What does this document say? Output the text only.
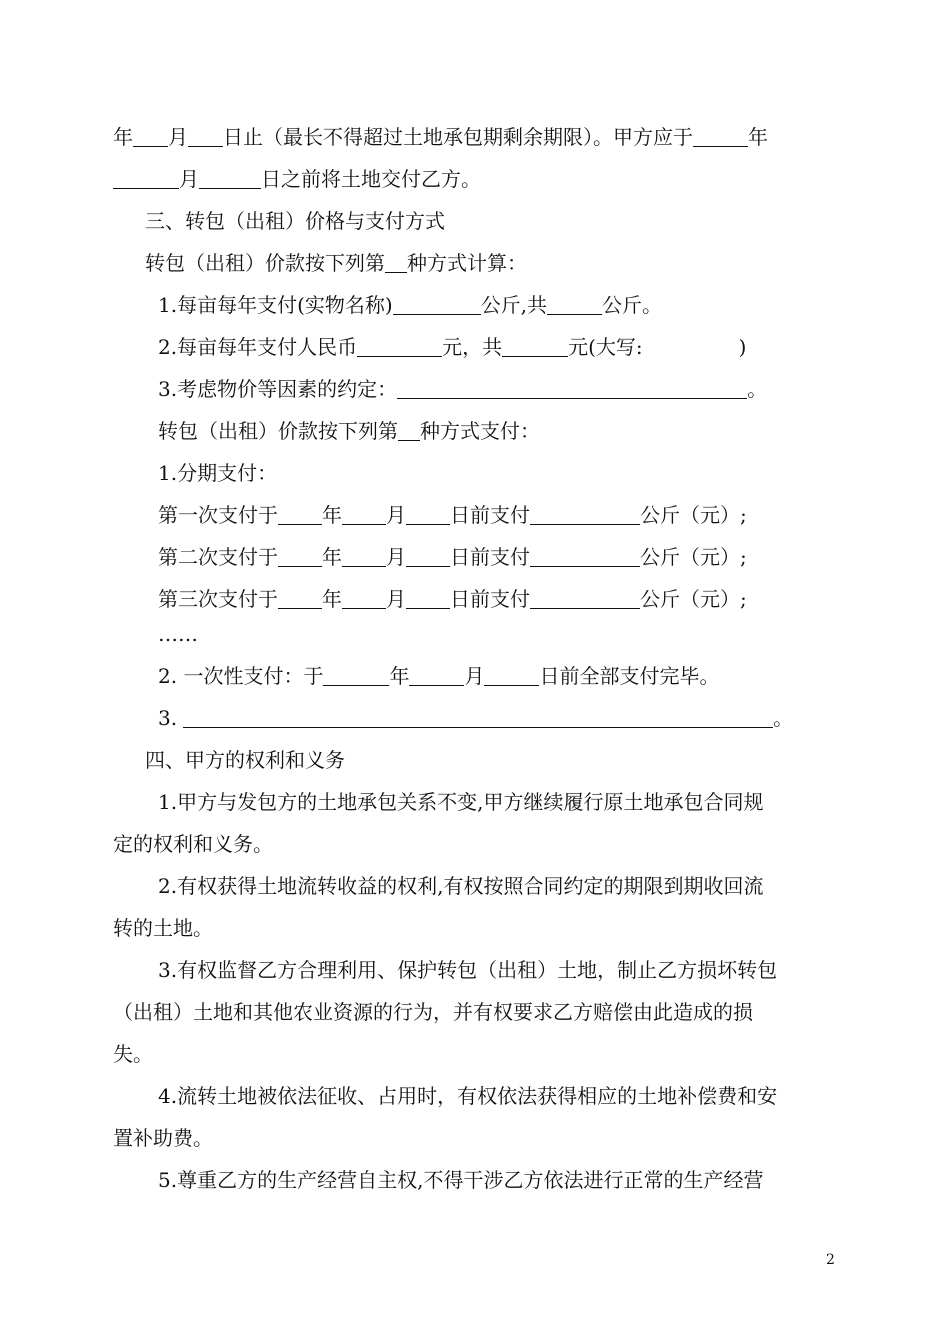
年 月 日止（最长不得超过土地承包期剩余期限）。甲方应于	年
月	日之前将土地交付乙方。
三、转包（出租）价格与支付方式
转包（出租）价款按下列第 种方式计算：
1.每亩每年支付(实物名称)	公斤,共	公斤。
2.每亩每年支付人民币	元，共	元(大写:	)
3.考虑物价等因素的约定：	。
转包（出租）价款按下列第 种方式支付：
1.分期支付：
第一次支付于 年 月 日前支付	公斤（元）;
第二次支付于 年 月 日前支付	公斤（元）;
第三次支付于 年 月 日前支付	公斤（元）;
……
2. 一次性支付：于	年	月	日前全部支付完毕。
3.	。
四、甲方的权利和义务
1.甲方与发包方的土地承包关系不变,甲方继续履行原土地承包合同规
定的权利和义务。
2.有权获得土地流转收益的权利,有权按照合同约定的期限到期收回流
转的土地。
3.有权监督乙方合理利用、保护转包（出租）土地，制止乙方损坏转包
（出租）土地和其他农业资源的行为，并有权要求乙方赔偿由此造成的损
失。
4.流转土地被依法征收、占用时，有权依法获得相应的土地补偿费和安
置补助费。
5.尊重乙方的生产经营自主权,不得干涉乙方依法进行正常的生产经营
2
